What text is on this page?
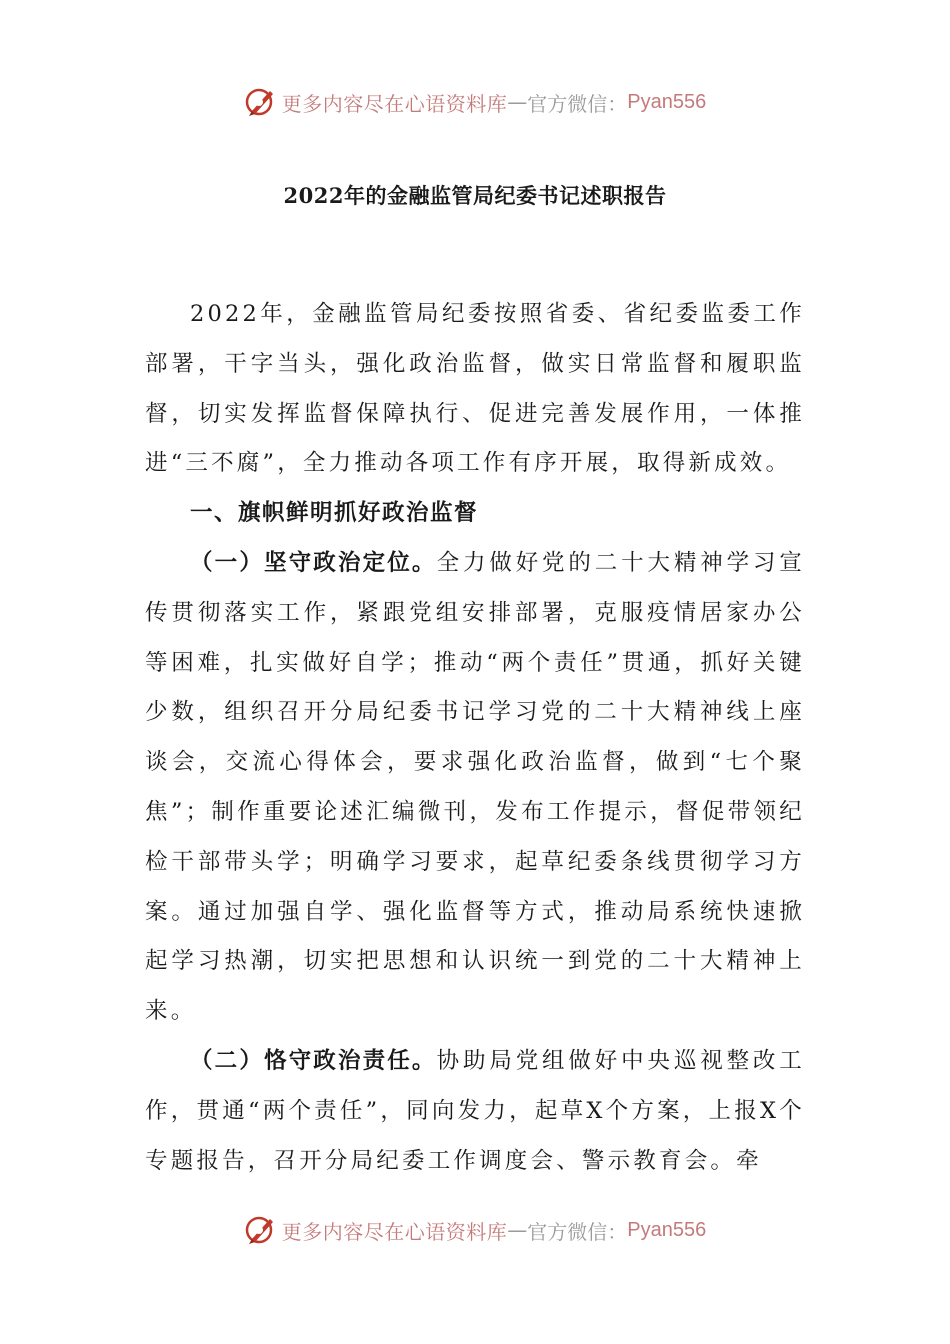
更多内容尽在心语资料库 — 官方微信： Pyan556
2022年的金融监管局纪委书记述职报告

2022年，金融监管局纪委按照省委、省纪委监委工作部署，干字当头，强化政治监督，做实日常监督和履职监督，切实发挥监督保障执行、促进完善发展作用，一体推进“三不腐”，全力推动各项工作有序开展，取得新成效。

一、旗帜鲜明抓好政治监督

（一）坚守政治定位。全力做好党的二十大精神学习宣传贯彻落实工作，紧跟党组安排部署，克服疫情居家办公等困难，扎实做好自学；推动“两个责任”贯通，抓好关键少数，组织召开分局纪委书记学习党的二十大精神线上座谈会，交流心得体会，要求强化政治监督，做到“七个聚焦”；制作重要论述汇编微刊，发布工作提示，督促带领纪检干部带头学；明确学习要求，起草纪委条线贯彻学习方案。通过加强自学、强化监督等方式，推动局系统快速掀起学习热潮，切实把思想和认识统一到党的二十大精神上来。

（二）恪守政治责任。协助局党组做好中央巡视整改工作，贯通“两个责任”，同向发力，起草X个方案，上报X个专题报告，召开分局纪委工作调度会、警示教育会。牵

更多内容尽在心语资料库 — 官方微信： Pyan556
